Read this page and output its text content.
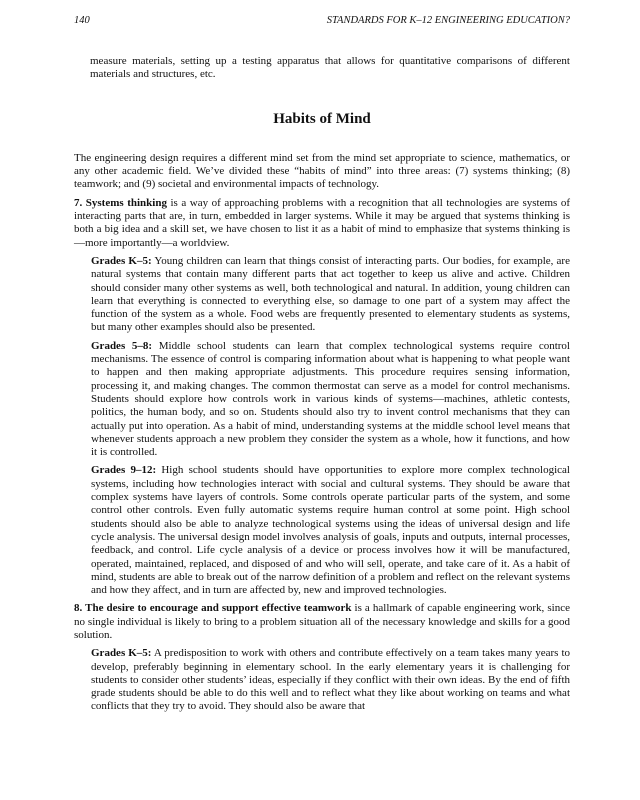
140	STANDARDS FOR K–12 ENGINEERING EDUCATION?

measure materials, setting up a testing apparatus that allows for quantitative comparisons of different materials and structures, etc.

Habits of Mind

The engineering design requires a different mind set from the mind set appropriate to science, mathematics, or any other academic field. We’ve divided these “habits of mind” into three areas: (7) systems thinking; (8) teamwork; and (9) societal and environmental impacts of technology.

7. Systems thinking is a way of approaching problems with a recognition that all technologies are systems of interacting parts that are, in turn, embedded in larger systems. While it may be argued that systems thinking is both a big idea and a skill set, we have chosen to list it as a habit of mind to emphasize that systems thinking is—more importantly—a worldview.

Grades K–5: Young children can learn that things consist of interacting parts. Our bodies, for example, are natural systems that contain many different parts that act together to keep us alive and active. Children should consider many other systems as well, both technological and natural. In addition, young children can learn that everything is connected to everything else, so damage to one part of a system may affect the function of the system as a whole. Food webs are frequently presented to elementary students as systems, but many other examples should also be presented.

Grades 5–8: Middle school students can learn that complex technological systems require control mechanisms. The essence of control is comparing information about what is happening to what people want to happen and then making appropriate adjustments. This procedure requires sensing information, processing it, and making changes. The common thermostat can serve as a model for control mechanisms. Students should explore how controls work in various kinds of systems—machines, athletic contests, politics, the human body, and so on. Students should also try to invent control mechanisms that they can actually put into operation. As a habit of mind, understanding systems at the middle school level means that whenever students approach a new problem they consider the system as a whole, how it functions, and how it is controlled.

Grades 9–12: High school students should have opportunities to explore more complex technological systems, including how technologies interact with social and cultural systems. They should be aware that complex systems have layers of controls. Some controls operate particular parts of the system, and some control other controls. Even fully automatic systems require human control at some point. High school students should also be able to analyze technological systems using the ideas of universal design and life cycle analysis. The universal design model involves analysis of goals, inputs and outputs, internal processes, feedback, and control. Life cycle analysis of a device or process involves how it will be manufactured, operated, maintained, replaced, and disposed of and who will sell, operate, and take care of it. As a habit of mind, students are able to break out of the narrow definition of a problem and reflect on the relevant systems and how they affect, and in turn are affected by, new and improved technologies.

8. The desire to encourage and support effective teamwork is a hallmark of capable engineering work, since no single individual is likely to bring to a problem situation all of the necessary knowledge and skills for a good solution.

Grades K–5: A predisposition to work with others and contribute effectively on a team takes many years to develop, preferably beginning in elementary school. In the early elementary years it is challenging for students to consider other students’ ideas, especially if they conflict with their own ideas. By the end of fifth grade students should be able to do this well and to reflect what they like about working on teams and what conflicts that they try to avoid. They should also be aware that
